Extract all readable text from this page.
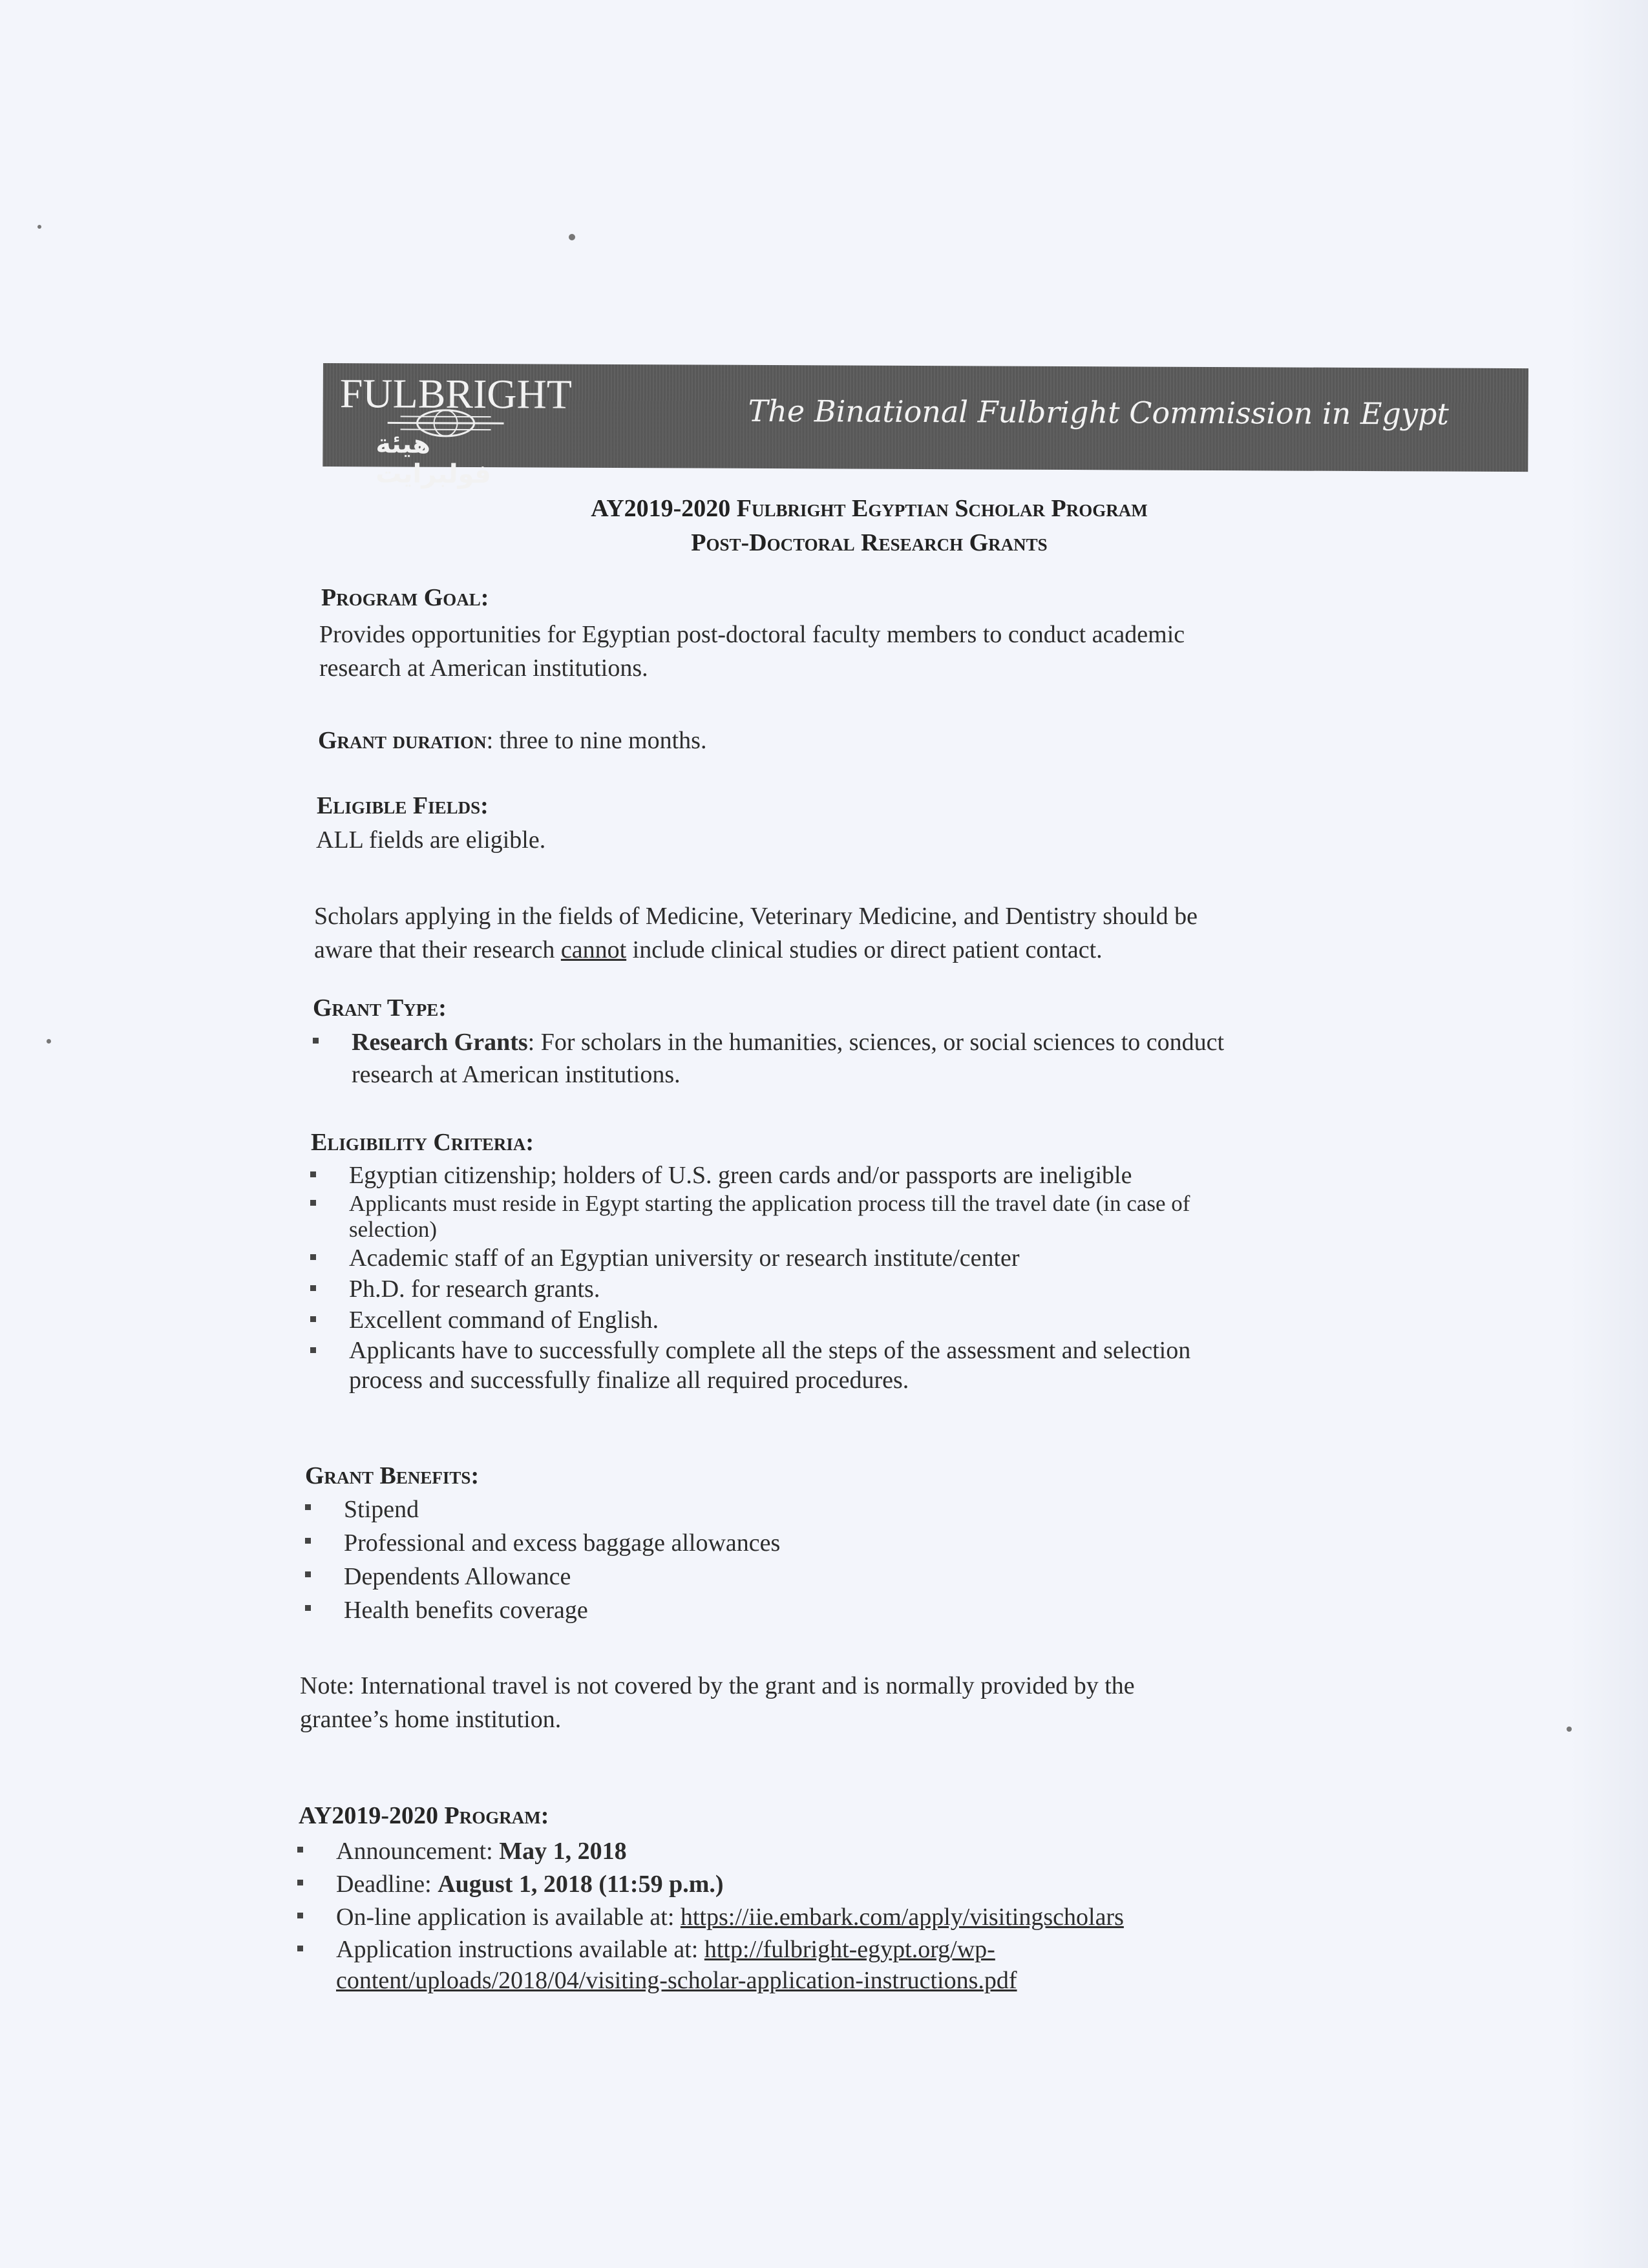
FULBRIGHT
هيئة فولبرايت
The Binational Fulbright Commission in Egypt
AY2019-2020 Fulbright Egyptian Scholar Program
Post-Doctoral Research Grants
Program Goal:
Provides opportunities for Egyptian post-doctoral faculty members to conduct academic
research at American institutions.
Grant duration: three to nine months.
Eligible Fields:
ALL fields are eligible.
Scholars applying in the fields of Medicine, Veterinary Medicine, and Dentistry should be
aware that their research cannot include clinical studies or direct patient contact.
Grant Type:
Research Grants: For scholars in the humanities, sciences, or social sciences to conduct
research at American institutions.
Eligibility Criteria:
Egyptian citizenship; holders of U.S. green cards and/or passports are ineligible
Applicants must reside in Egypt starting the application process till the travel date (in case of
selection)
Academic staff of an Egyptian university or research institute/center
Ph.D. for research grants.
Excellent command of English.
Applicants have to successfully complete all the steps of the assessment and selection
process and successfully finalize all required procedures.
Grant Benefits:
Stipend
Professional and excess baggage allowances
Dependents Allowance
Health benefits coverage
Note: International travel is not covered by the grant and is normally provided by the
grantee’s home institution.
AY2019-2020 Program:
Announcement: May 1, 2018
Deadline: August 1, 2018 (11:59 p.m.)
On-line application is available at: https://iie.embark.com/apply/visitingscholars
Application instructions available at: http://fulbright-egypt.org/wp-
content/uploads/2018/04/visiting-scholar-application-instructions.pdf
